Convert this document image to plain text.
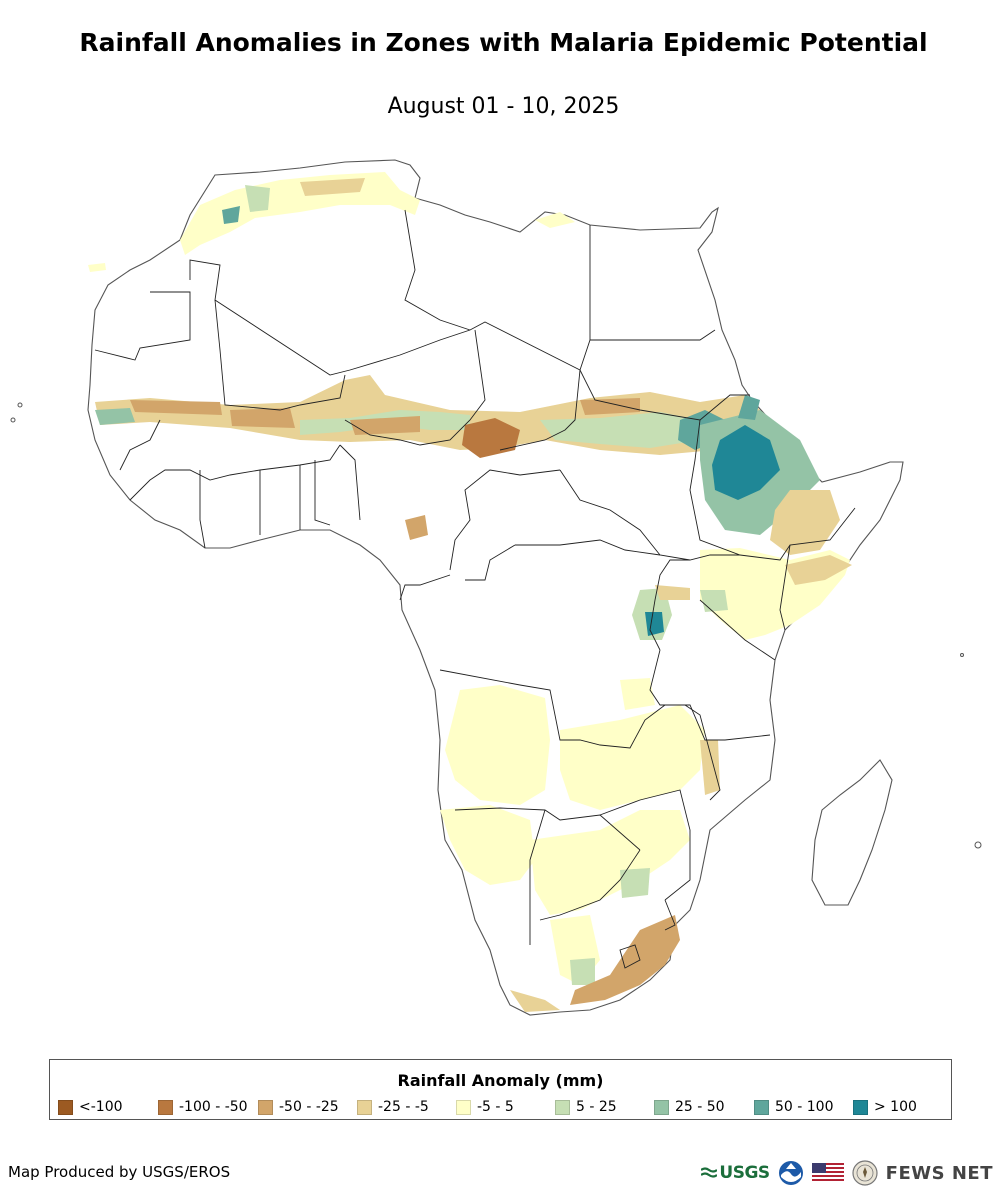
Rainfall Anomalies in Zones with Malaria Epidemic Potential
August 01 - 10, 2025
Rainfall Anomaly (mm)
<-100	-100 - -50 -50 - -25	-25 - -5	-5 - 5	5 - 25	25 - 50	50 - 100	> 100
Map Produced by USGS/EROS	USGS	FEWS NET
